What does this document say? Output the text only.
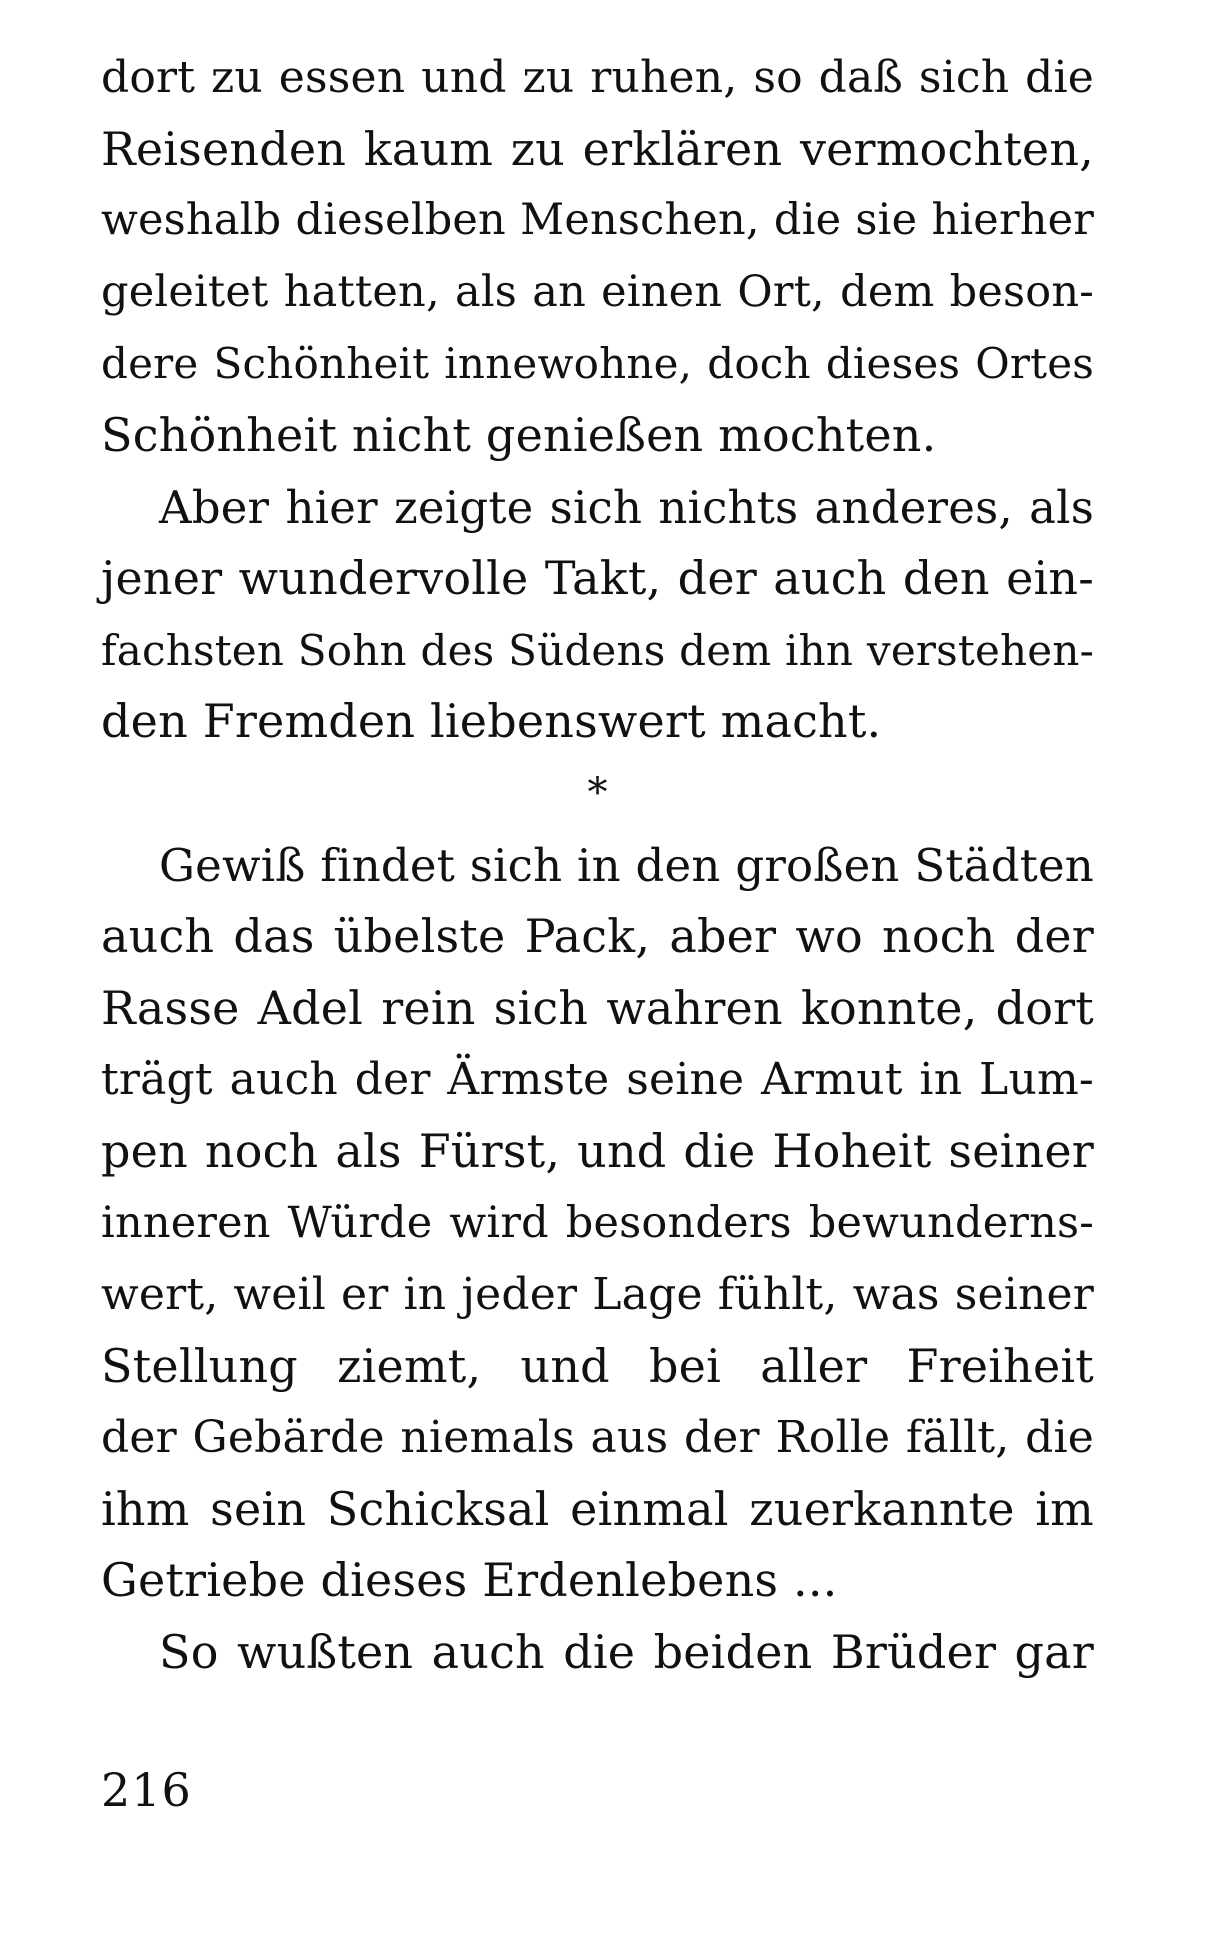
dort zu essen und zu ruhen, so daß sich die
Reisenden kaum zu erklären vermochten,
weshalb dieselben Menschen, die sie hierher
geleitet hatten, als an einen Ort, dem beson-
dere Schönheit innewohne, doch dieses Ortes
Schönheit nicht genießen mochten.
Aber hier zeigte sich nichts anderes, als
jener wundervolle Takt, der auch den ein-
fachsten Sohn des Südens dem ihn verstehen-
den Fremden liebenswert macht.
*
Gewiß findet sich in den großen Städten
auch das übelste Pack, aber wo noch der
Rasse Adel rein sich wahren konnte, dort
trägt auch der Ärmste seine Armut in Lum-
pen noch als Fürst, und die Hoheit seiner
inneren Würde wird besonders bewunderns-
wert, weil er in jeder Lage fühlt, was seiner
Stellung ziemt, und bei aller Freiheit
der Gebärde niemals aus der Rolle fällt, die
ihm sein Schicksal einmal zuerkannte im
Getriebe dieses Erdenlebens ...
So wußten auch die beiden Brüder gar
216
